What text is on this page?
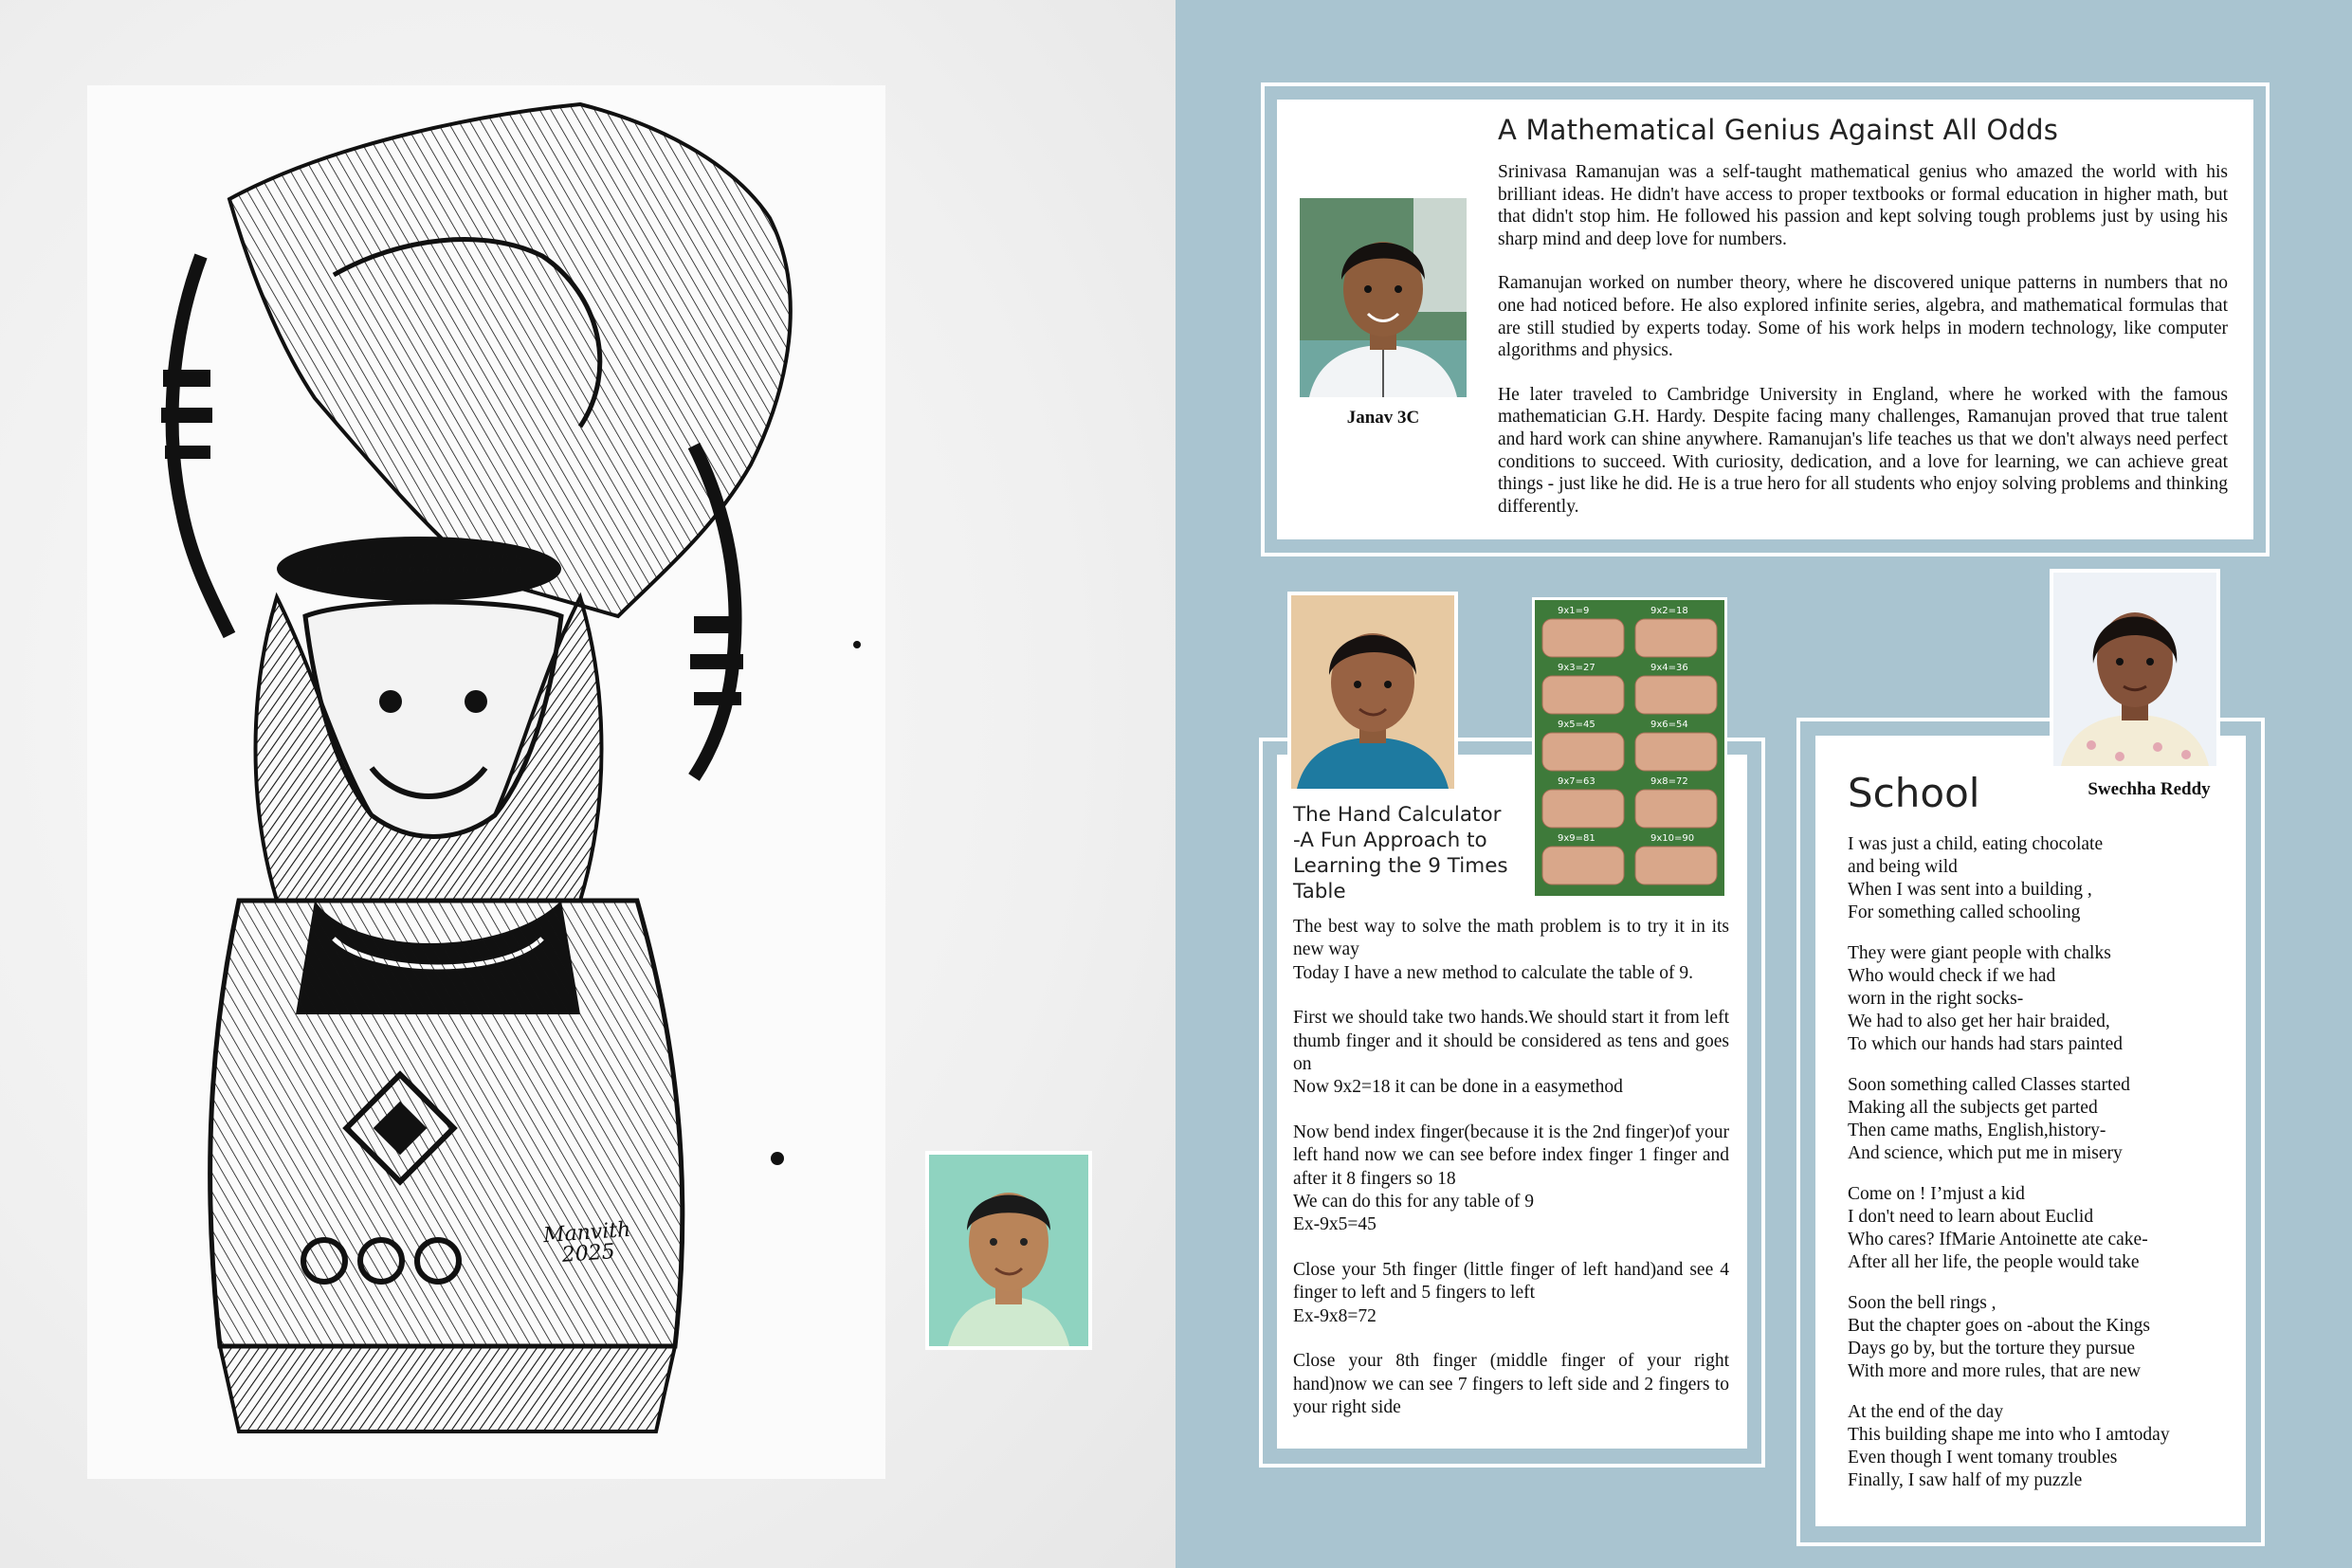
Manvith
2025
Janav 3C
A Mathematical Genius Against All Odds

Srinivasa Ramanujan was a self-taught mathematical genius who amazed the world with his brilliant ideas. He didn't have access to proper textbooks or formal education in higher math, but that didn't stop him. He followed his passion and kept solving tough problems just by using his sharp mind and deep love for numbers.

Ramanujan worked on number theory, where he discovered unique patterns in numbers that no one had noticed before. He also explored infinite series, algebra, and mathematical formulas that are still studied by experts today. Some of his work helps in modern technology, like computer algorithms and physics.

He later traveled to Cambridge University in England, where he worked with the famous mathematician G.H. Hardy. Despite facing many challenges, Ramanujan proved that true talent and hard work can shine anywhere. Ramanujan's life teaches us that we don't always need perfect conditions to succeed. With curiosity, dedication, and a love for learning, we can achieve great things - just like he did. He is a true hero for all students who enjoy solving problems and thinking differently.

The Hand Calculator
-A Fun Approach to
Learning the 9 Times
Table

The best way to solve the math problem is to try it in its new way
Today I have a new method to calculate the table of 9.

First we should take two hands.We should start it from left thumb finger and it should be considered as tens and goes on
Now 9x2=18 it can be done in a easymethod

Now bend index finger(because it is the 2nd finger)of your left hand now we can see before index finger 1 finger and after it 8 fingers so 18
We can do this for any table of 9
Ex-9x5=45

Close your 5th finger (little finger of left hand)and see 4 finger to left and 5 fingers to left
Ex-9x8=72

Close your 8th finger (middle finger of your right hand)now we can see 7 fingers to left side and 2 fingers to your right side

9x1=9	9x2=18
9x3=27	9x4=36
9x5=45	9x6=54
9x7=63	9x8=72
9x9=81	9x10=90
School	Swechha Reddy
I was just a child, eating chocolate
and being wild
When I was sent into a building ,
For something called schooling
They were giant people with chalks
Who would check if we had
worn in the right socks-
We had to also get her hair braided,
To which our hands had stars painted
Soon something called Classes started
Making all the subjects get parted
Then came maths, English,history-
And science, which put me in misery
Come on ! I’mjust a kid
I don't need to learn about Euclid
Who cares? IfMarie Antoinette ate cake-
After all her life, the people would take
Soon the bell rings ,
But the chapter goes on -about the Kings
Days go by, but the torture they pursue
With more and more rules, that are new
At the end of the day
This building shape me into who I amtoday
Even though I went tomany troubles
Finally, I saw half of my puzzle
